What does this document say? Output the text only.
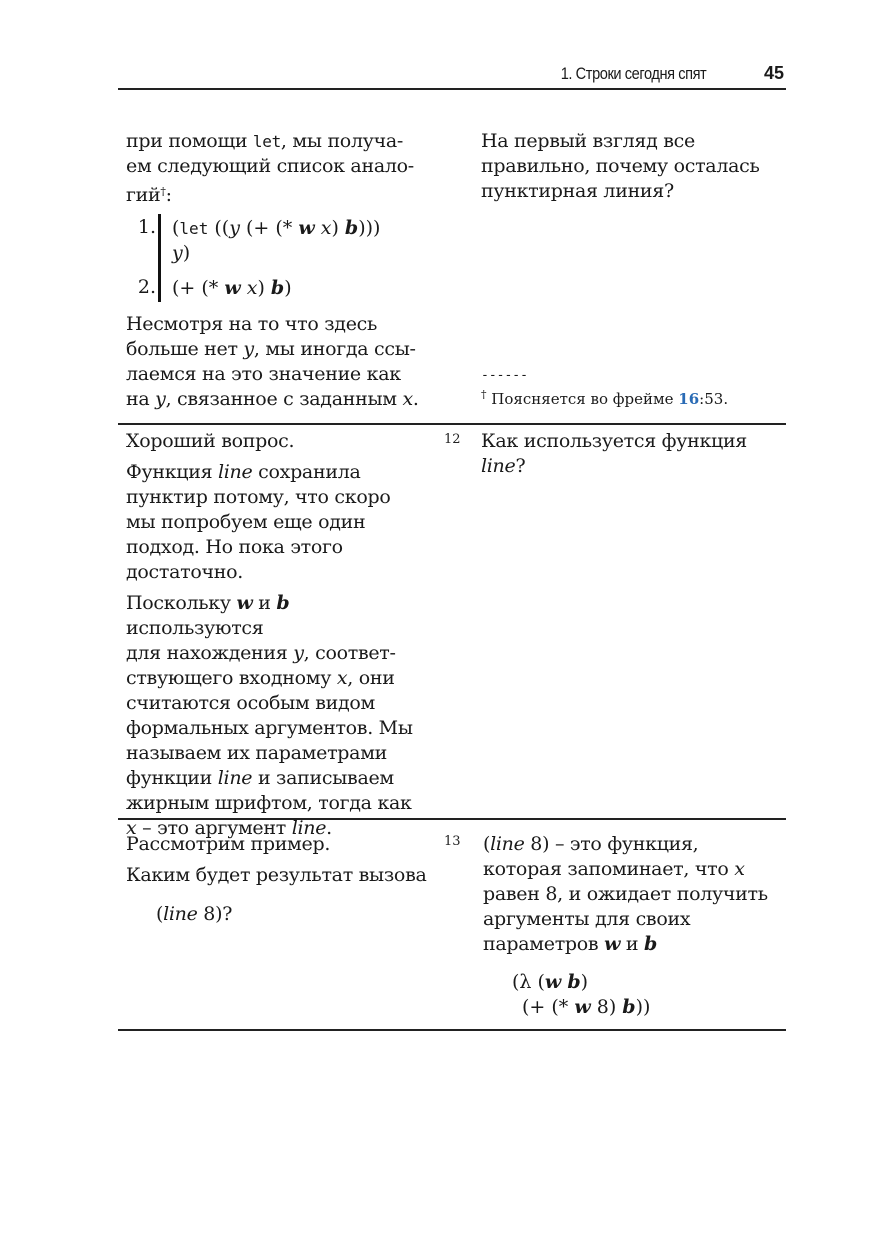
1. Строки сегодня спят	45

при помощи let, мы получа-

ем следующий список анало-

гий†:

1. (let ((y (+ (* w x) b)))
y)
2. (+ (* w x) b)

Несмотря на то что здесь

больше нет y, мы иногда ссы-

лаемся на это значение как

на y, связанное с заданным x.

На первый взгляд все

правильно, почему осталась

пунктирная линия?

------
† Поясняется во фрейме 16:53.
12 Как используется функция

line?

Хороший вопрос.

Функция line сохранила

пунктир потому, что скоро

мы попробуем еще один

подход. Но пока этого

достаточно.

Поскольку w и b используются

для нахождения y, соответ-

ствующего входному x, они

считаются особым видом

формальных аргументов. Мы

называем их параметрами

функции line и записываем

жирным шрифтом, тогда как

x – это аргумент line.

13

Рассмотрим пример.

Каким будет результат вызова

(line 8)?

(line 8) – это функция,

которая запоминает, что x

равен 8, и ожидает получить

аргументы для своих

параметров w и b

(λ (w b)
(+ (* w 8) b))
